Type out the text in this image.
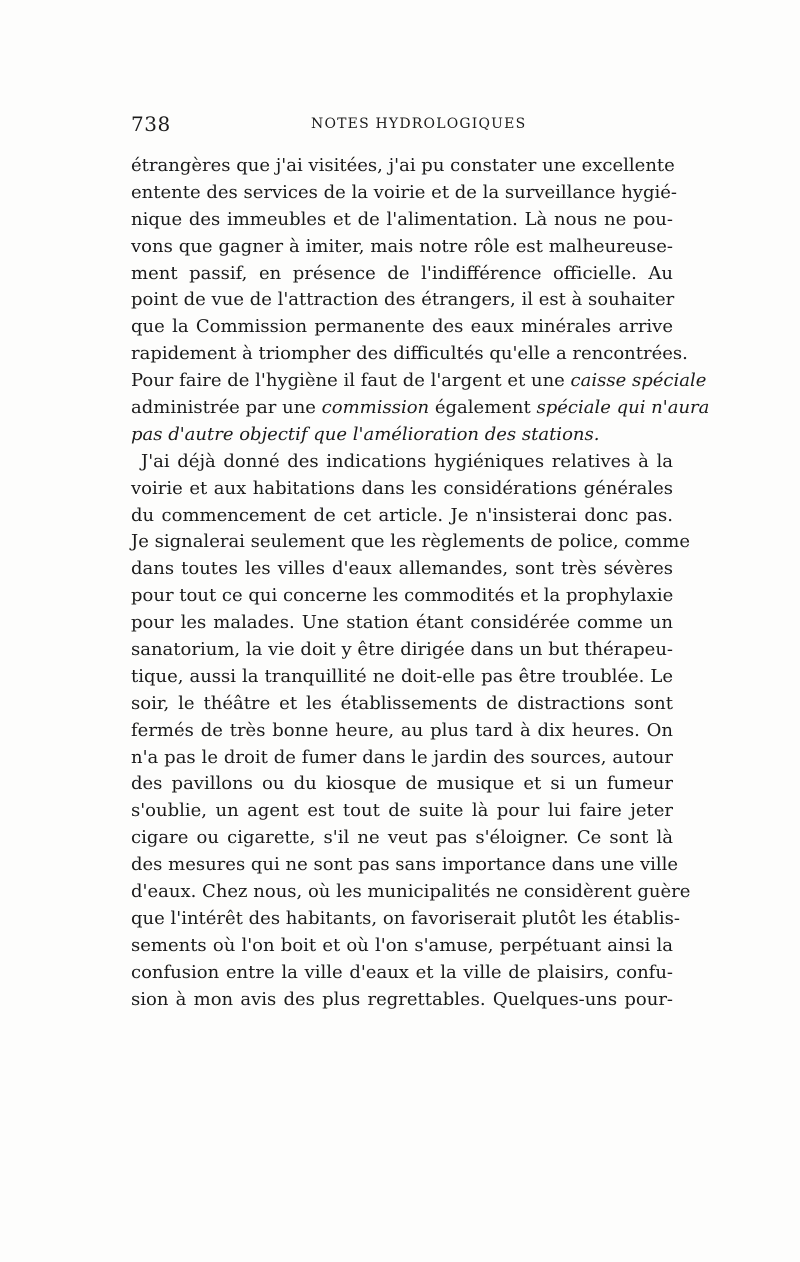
738	NOTES HYDROLOGIQUES
étrangères que j'ai visitées, j'ai pu constater une excellente
entente des services de la voirie et de la surveillance hygié-
nique des immeubles et de l'alimentation. Là nous ne pou-
vons que gagner à imiter, mais notre rôle est malheureuse-
ment passif, en présence de l'indifférence officielle. Au
point de vue de l'attraction des étrangers, il est à souhaiter
que la Commission permanente des eaux minérales arrive
rapidement à triompher des difficultés qu'elle a rencontrées.
Pour faire de l'hygiène il faut de l'argent et une caisse spéciale
administrée par une commission également spéciale qui n'aura
pas d'autre objectif que l'amélioration des stations.
J'ai déjà donné des indications hygiéniques relatives à la
voirie et aux habitations dans les considérations générales
du commencement de cet article. Je n'insisterai donc pas.
Je signalerai seulement que les règlements de police, comme
dans toutes les villes d'eaux allemandes, sont très sévères
pour tout ce qui concerne les commodités et la prophylaxie
pour les malades. Une station étant considérée comme un
sanatorium, la vie doit y être dirigée dans un but thérapeu-
tique, aussi la tranquillité ne doit-elle pas être troublée. Le
soir, le théâtre et les établissements de distractions sont
fermés de très bonne heure, au plus tard à dix heures. On
n'a pas le droit de fumer dans le jardin des sources, autour
des pavillons ou du kiosque de musique et si un fumeur
s'oublie, un agent est tout de suite là pour lui faire jeter
cigare ou cigarette, s'il ne veut pas s'éloigner. Ce sont là
des mesures qui ne sont pas sans importance dans une ville
d'eaux. Chez nous, où les municipalités ne considèrent guère
que l'intérêt des habitants, on favoriserait plutôt les établis-
sements où l'on boit et où l'on s'amuse, perpétuant ainsi la
confusion entre la ville d'eaux et la ville de plaisirs, confu-
sion à mon avis des plus regrettables. Quelques-uns pour-
